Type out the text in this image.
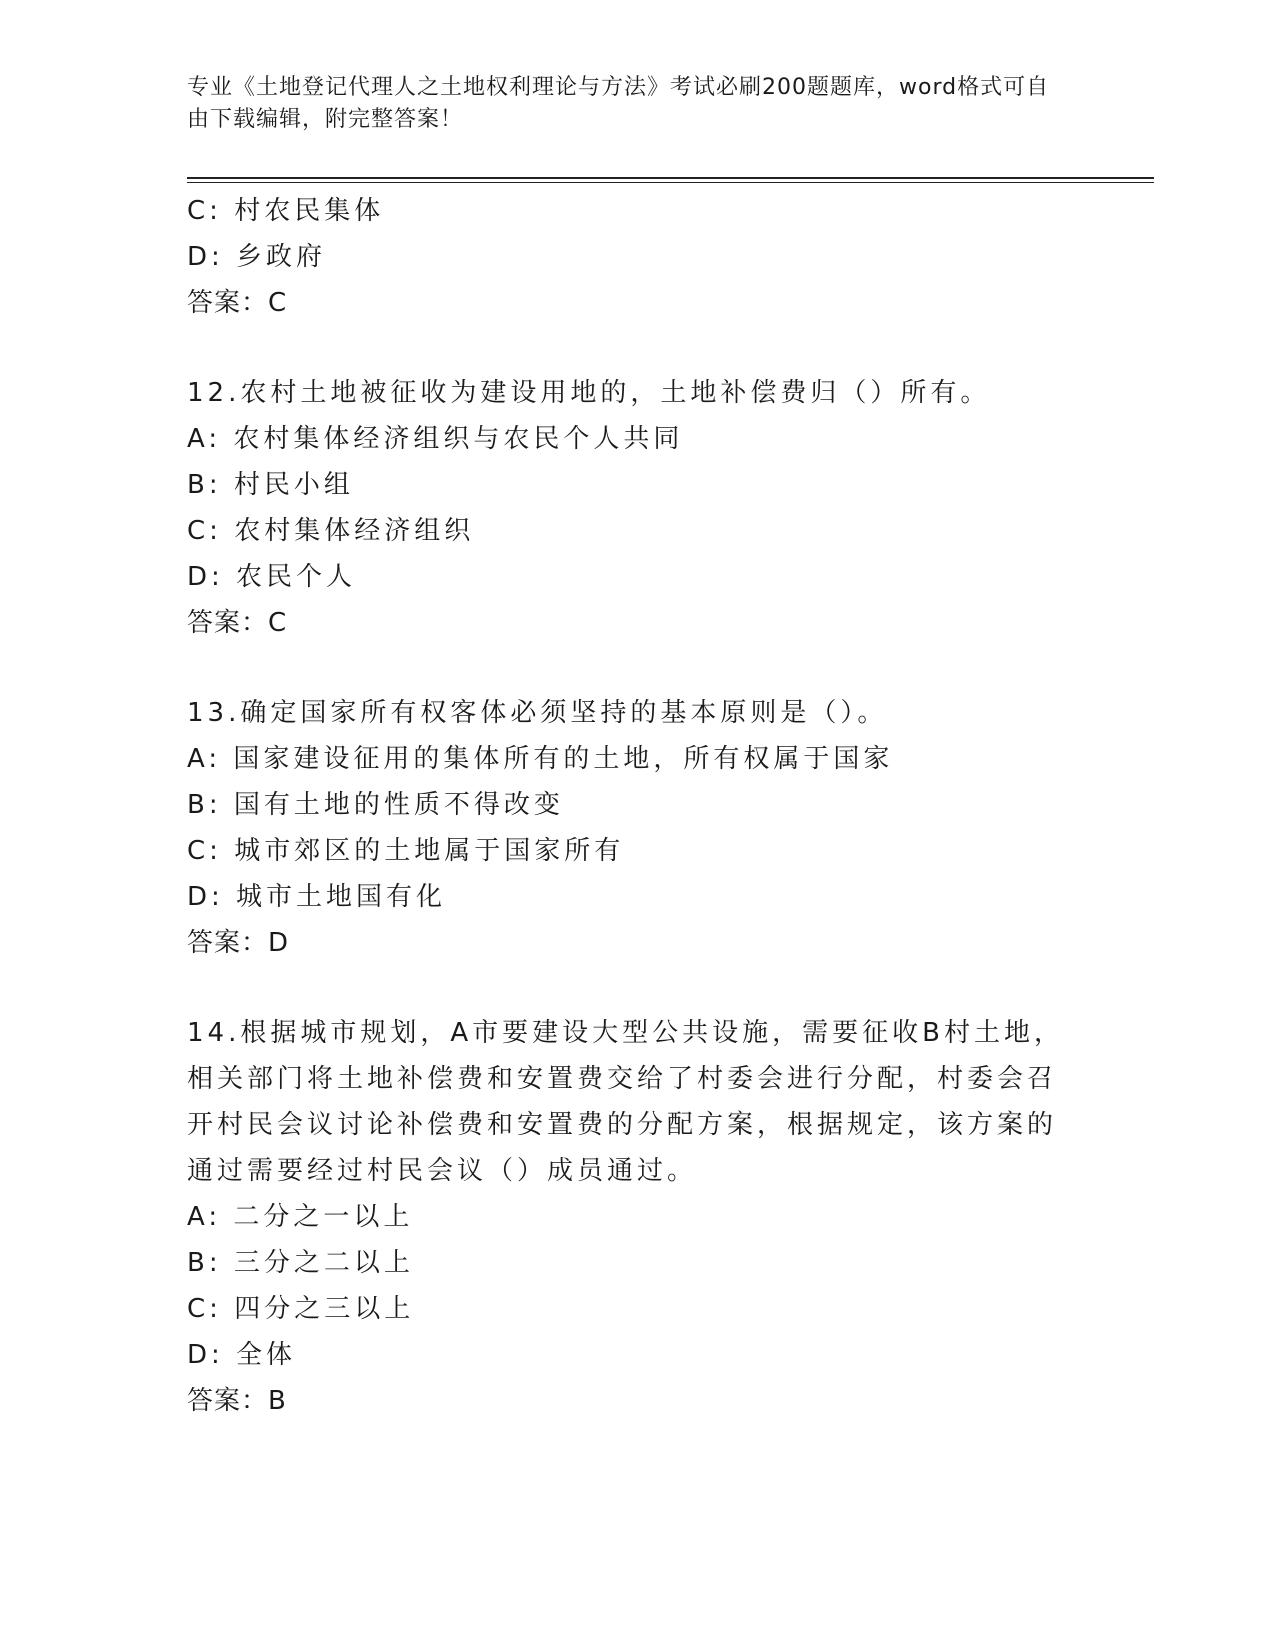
专业《土地登记代理人之土地权利理论与方法》考试必刷200题题库，word格式可自由下载编辑，附完整答案！
C: 村农民集体
D: 乡政府
答案：C
12.农村土地被征收为建设用地的，土地补偿费归（）所有。
A: 农村集体经济组织与农民个人共同
B: 村民小组
C: 农村集体经济组织
D: 农民个人
答案：C
13.确定国家所有权客体必须坚持的基本原则是（）。
A: 国家建设征用的集体所有的土地，所有权属于国家
B: 国有土地的性质不得改变
C: 城市郊区的土地属于国家所有
D: 城市土地国有化
答案：D
14.根据城市规划，A市要建设大型公共设施，需要征收B村土地，相关部门将土地补偿费和安置费交给了村委会进行分配，村委会召开村民会议讨论补偿费和安置费的分配方案，根据规定，该方案的通过需要经过村民会议（）成员通过。
A: 二分之一以上
B: 三分之二以上
C: 四分之三以上
D: 全体
答案：B
